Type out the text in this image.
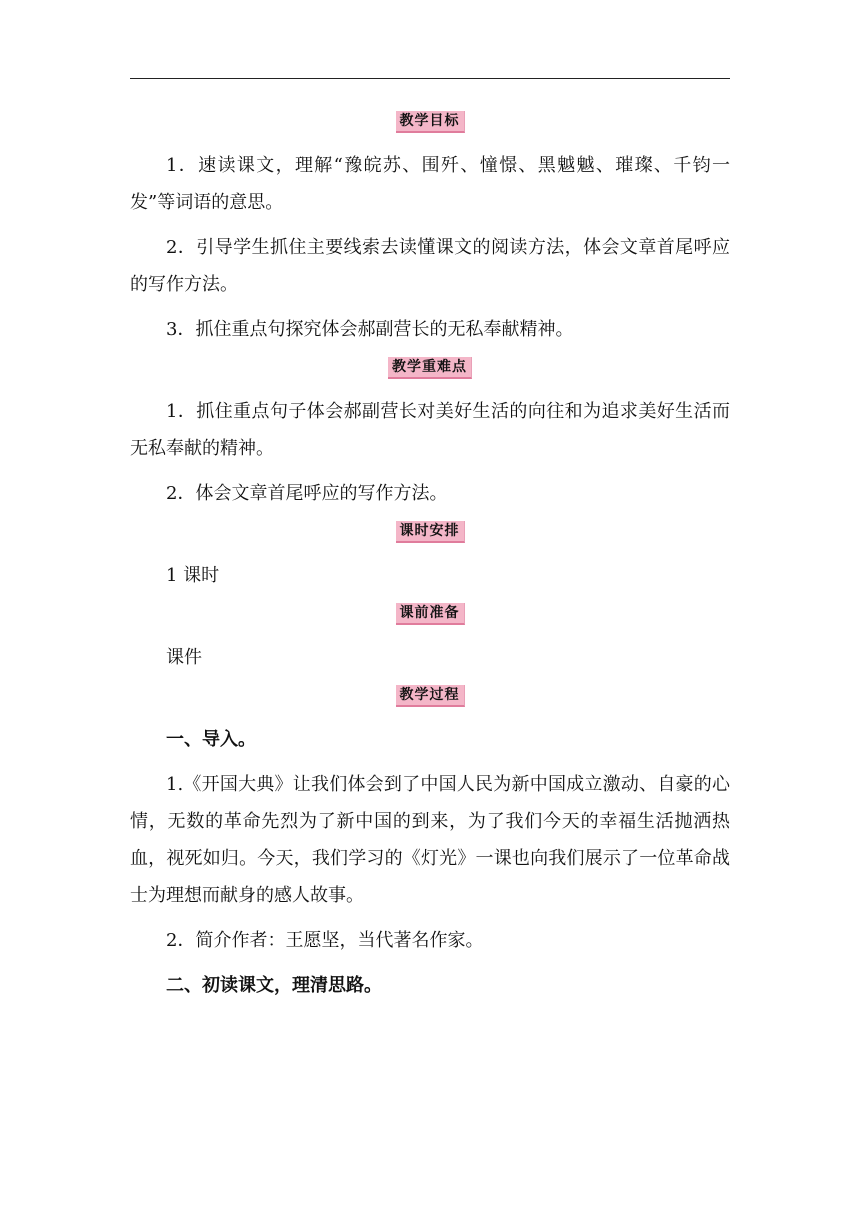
教学目标

1．速读课文，理解“豫皖苏、围歼、憧憬、黑魆魆、璀璨、千钧一发”等词语的意思。

2．引导学生抓住主要线索去读懂课文的阅读方法，体会文章首尾呼应的写作方法。

3．抓住重点句探究体会郝副营长的无私奉献精神。

教学重难点

1．抓住重点句子体会郝副营长对美好生活的向往和为追求美好生活而无私奉献的精神。

2．体会文章首尾呼应的写作方法。

课时安排

1 课时

课前准备

课件

教学过程

一、导入。

1.《开国大典》让我们体会到了中国人民为新中国成立激动、自豪的心情，无数的革命先烈为了新中国的到来，为了我们今天的幸福生活抛洒热血，视死如归。今天，我们学习的《灯光》一课也向我们展示了一位革命战士为理想而献身的感人故事。

2．简介作者：王愿坚，当代著名作家。

二、初读课文，理清思路。
